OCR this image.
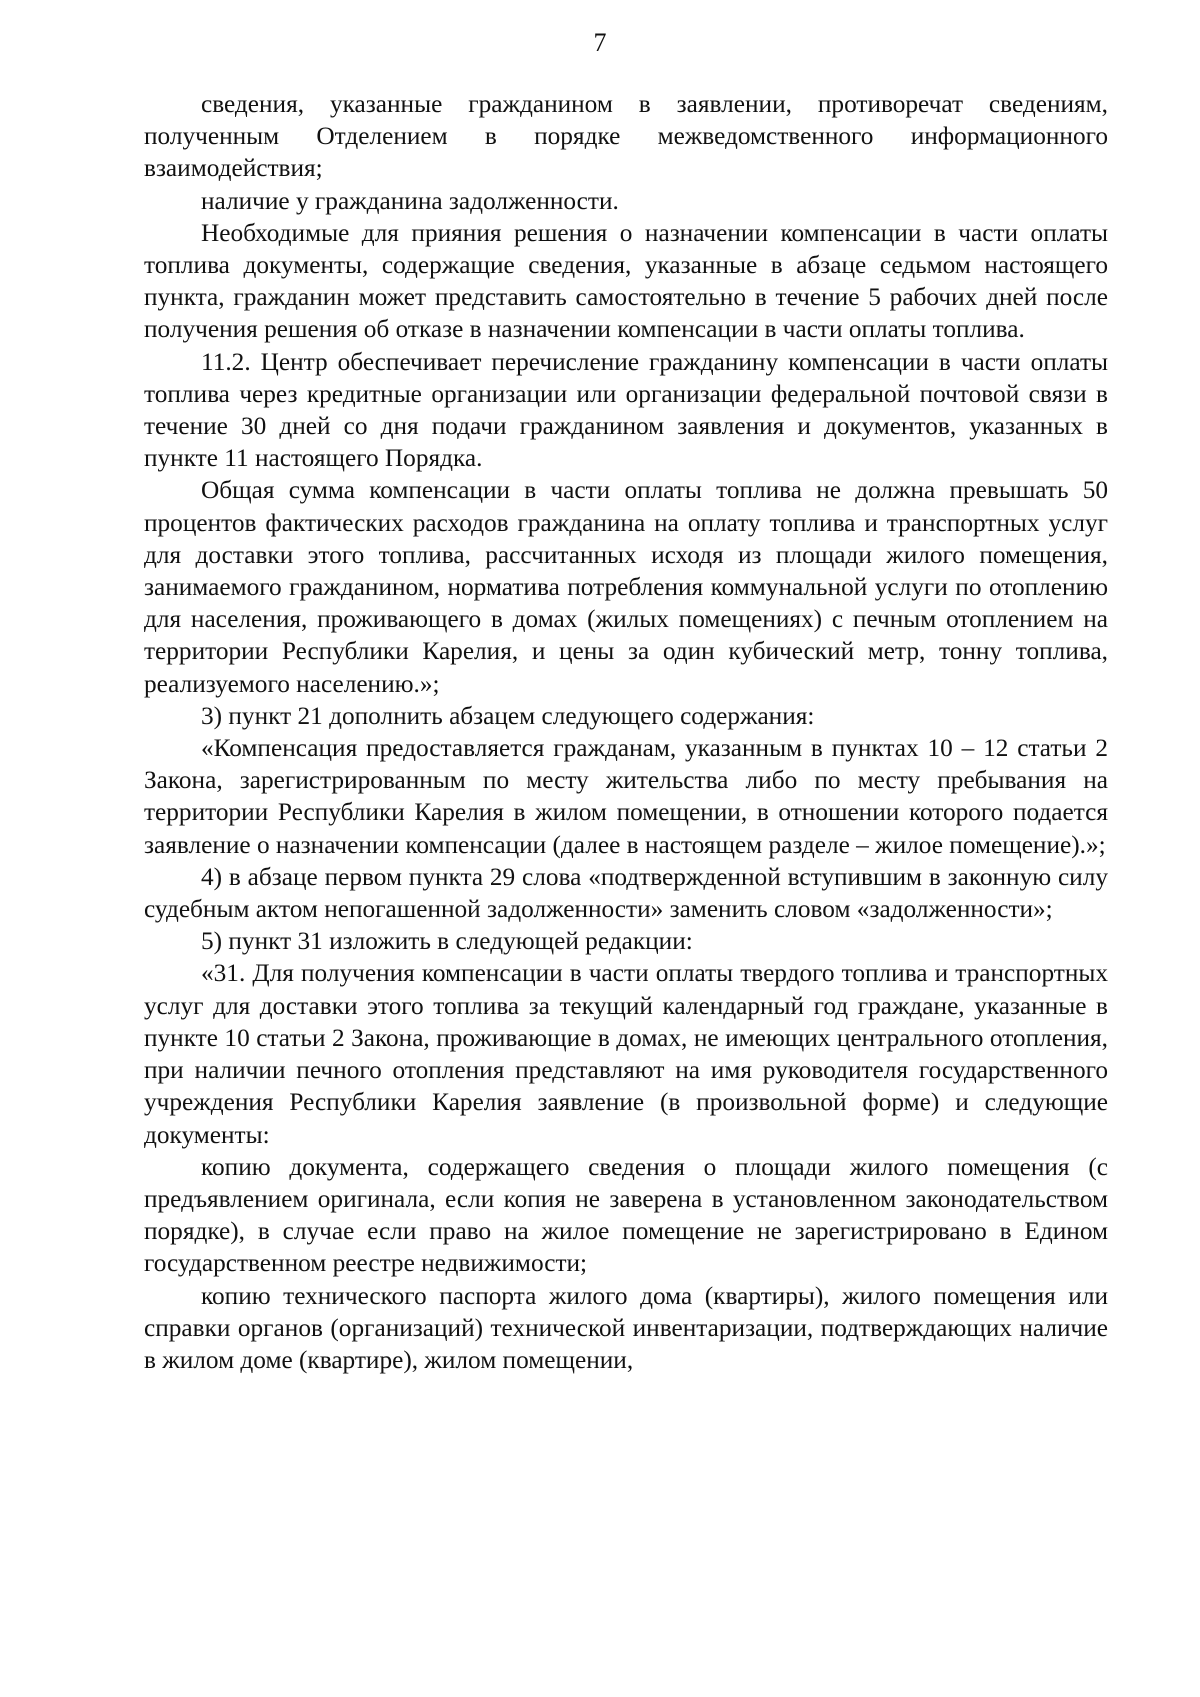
7

сведения, указанные гражданином в заявлении, противоречат сведениям, полученным Отделением в порядке межведомственного информационного взаимодействия;

наличие у гражданина задолженности.

Необходимые для прияния решения о назначении компенсации в части оплаты топлива документы, содержащие сведения, указанные в абзаце седьмом настоящего пункта, гражданин может представить самостоятельно в течение 5 рабочих дней после получения решения об отказе в назначении компенсации в части оплаты топлива.

11.2. Центр обеспечивает перечисление гражданину компенсации в части оплаты топлива через кредитные организации или организации федеральной почтовой связи в течение 30 дней со дня подачи гражданином заявления и документов, указанных в пункте 11 настоящего Порядка.

Общая сумма компенсации в части оплаты топлива не должна превышать 50 процентов фактических расходов гражданина на оплату топлива и транспортных услуг для доставки этого топлива, рассчитанных исходя из площади жилого помещения, занимаемого гражданином, норматива потребления коммунальной услуги по отоплению для населения, проживающего в домах (жилых помещениях) с печным отоплением на территории Республики Карелия, и цены за один кубический метр, тонну топлива, реализуемого населению.»;

3) пункт 21 дополнить абзацем следующего содержания:

«Компенсация предоставляется гражданам, указанным в пунктах 10 – 12 статьи 2 Закона, зарегистрированным по месту жительства либо по месту пребывания на территории Республики Карелия в жилом помещении, в отношении которого подается заявление о назначении компенсации (далее в настоящем разделе – жилое помещение).»;

4) в абзаце первом пункта 29 слова «подтвержденной вступившим в законную силу судебным актом непогашенной задолженности» заменить словом «задолженности»;

5) пункт 31 изложить в следующей редакции:

«31. Для получения компенсации в части оплаты твердого топлива и транспортных услуг для доставки этого топлива за текущий календарный год граждане, указанные в пункте 10 статьи 2 Закона, проживающие в домах, не имеющих центрального отопления, при наличии печного отопления представляют на имя руководителя государственного учреждения Республики Карелия заявление (в произвольной форме) и следующие документы:

копию документа, содержащего сведения о площади жилого помещения (с предъявлением оригинала, если копия не заверена в установленном законодательством порядке), в случае если право на жилое помещение не зарегистрировано в Едином государственном реестре недвижимости;

копию технического паспорта жилого дома (квартиры), жилого помещения или справки органов (организаций) технической инвентаризации, подтверждающих наличие в жилом доме (квартире), жилом помещении,
